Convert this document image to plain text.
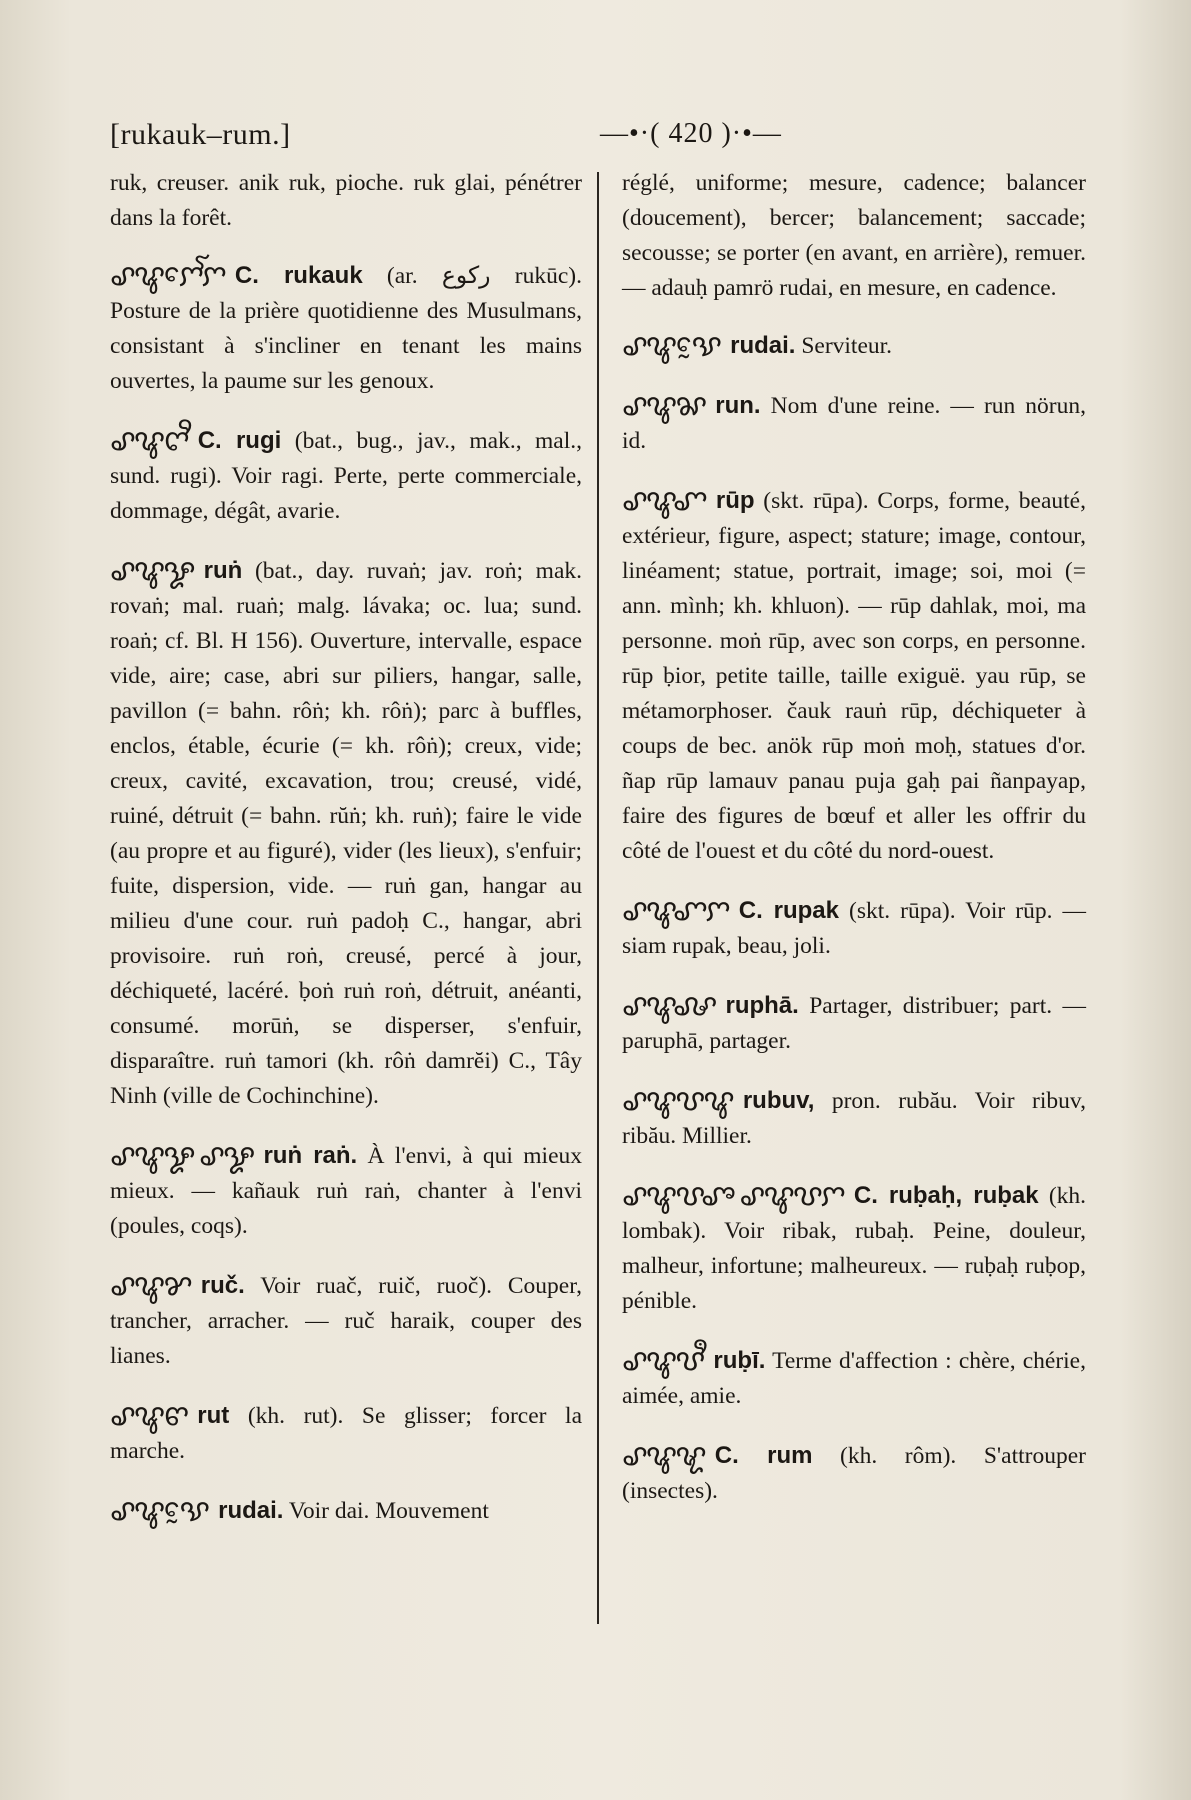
[rukauk–rum.]	—•·( 420 )·•—

ruk, creuser. anik ruk, pioche. ruk glai, pénétrer dans la forêt.

ꨣꨥꨆꨯꨱꨆ C. rukauk (ar. ركوع rukūc). Posture de la prière quotidienne des Musulmans, consistant à s'incliner en tenant les mains ouvertes, la paume sur les genoux.

ꨣꨥꨈꨪ C. rugi (bat., bug., jav., mak., mal., sund. rugi). Voir ragi. Perte, perte commerciale, dommage, dégât, avarie.

ꨣꨥꨋ ruṅ (bat., day. ruvaṅ; jav. roṅ; mak. rovaṅ; mal. ruaṅ; malg. lávaka; oc. lua; sund. roaṅ; cf. Bl. H 156). Ouverture, intervalle, espace vide, aire; case, abri sur piliers, hangar, salle, pavillon (= bahn. rôṅ; kh. rôṅ); parc à buffles, enclos, étable, écurie (= kh. rôṅ); creux, vide; creux, cavité, excavation, trou; creusé, vidé, ruiné, détruit (= bahn. rŭṅ; kh. ruṅ); faire le vide (au propre et au figuré), vider (les lieux), s'enfuir; fuite, dispersion, vide. — ruṅ gan, hangar au milieu d'une cour. ruṅ padoḥ C., hangar, abri provisoire. ruṅ roṅ, creusé, percé à jour, déchiqueté, lacéré. ḅoṅ ruṅ roṅ, détruit, anéanti, consumé. morūṅ, se disperser, s'enfuir, disparaître. ruṅ tamori (kh. rôṅ damrĕi) C., Tây Ninh (ville de Cochinchine).

ꨣꨥꨋ ꨣꨋ ruṅ raṅ. À l'envi, à qui mieux mieux. — kañauk ruṅ raṅ, chanter à l'envi (poules, coqs).

ꨣꨥꨌ ruč. Voir ruač, ruič, ruoč). Couper, trancher, arracher. — ruč haraik, couper des lianes.

ꨣꨥꨓ rut (kh. rut). Se glisser; forcer la marche.

ꨣꨥꨕꨰ rudai. Voir dai. Mouvement

réglé, uniforme; mesure, cadence; balancer (doucement), bercer; balancement; saccade; secousse; se porter (en avant, en arrière), remuer. — adauḥ pamrö rudai, en mesure, en cadence.

ꨣꨥꨕꨰ rudai. Serviteur.

ꨣꨥꨗ run. Nom d'une reine. — run nörun, id.

ꨣꨥꨚ rūp (skt. rūpa). Corps, forme, beauté, extérieur, figure, aspect; stature; image, contour, linéament; statue, portrait, image; soi, moi (= ann. mình; kh. khluon). — rūp dahlak, moi, ma personne. moṅ rūp, avec son corps, en personne. rūp ḅior, petite taille, taille exiguë. yau rūp, se métamorphoser. čauk rauṅ rūp, déchiqueter à coups de bec. anök rūp moṅ moḥ, statues d'or. ñap rūp lamauv panau puja gaḥ pai ñanpayap, faire des figures de bœuf et aller les offrir du côté de l'ouest et du côté du nord-ouest.

ꨣꨥꨚꨆ C. rupak (skt. rūpa). Voir rūp. — siam rupak, beau, joli.

ꨣꨥꨜ ruphā. Partager, distribuer; part. — paruphā, partager.

ꨣꨥꨝꨥ rubuv, pron. rubău. Voir ribuv, ribău. Millier.

ꨣꨥꨝꨨ ꨣꨥꨝꨆ C. ruḅaḥ, ruḅak (kh. lombak). Voir ribak, rubaḥ. Peine, douleur, malheur, infortune; malheureux. — ruḅaḥ ruḅop, pénible.

ꨣꨥꨝꨫ ruḅī. Terme d'affection : chère, chérie, aimée, amie.

ꨣꨥꨠ C. rum (kh. rôm). S'attrouper (insectes).
